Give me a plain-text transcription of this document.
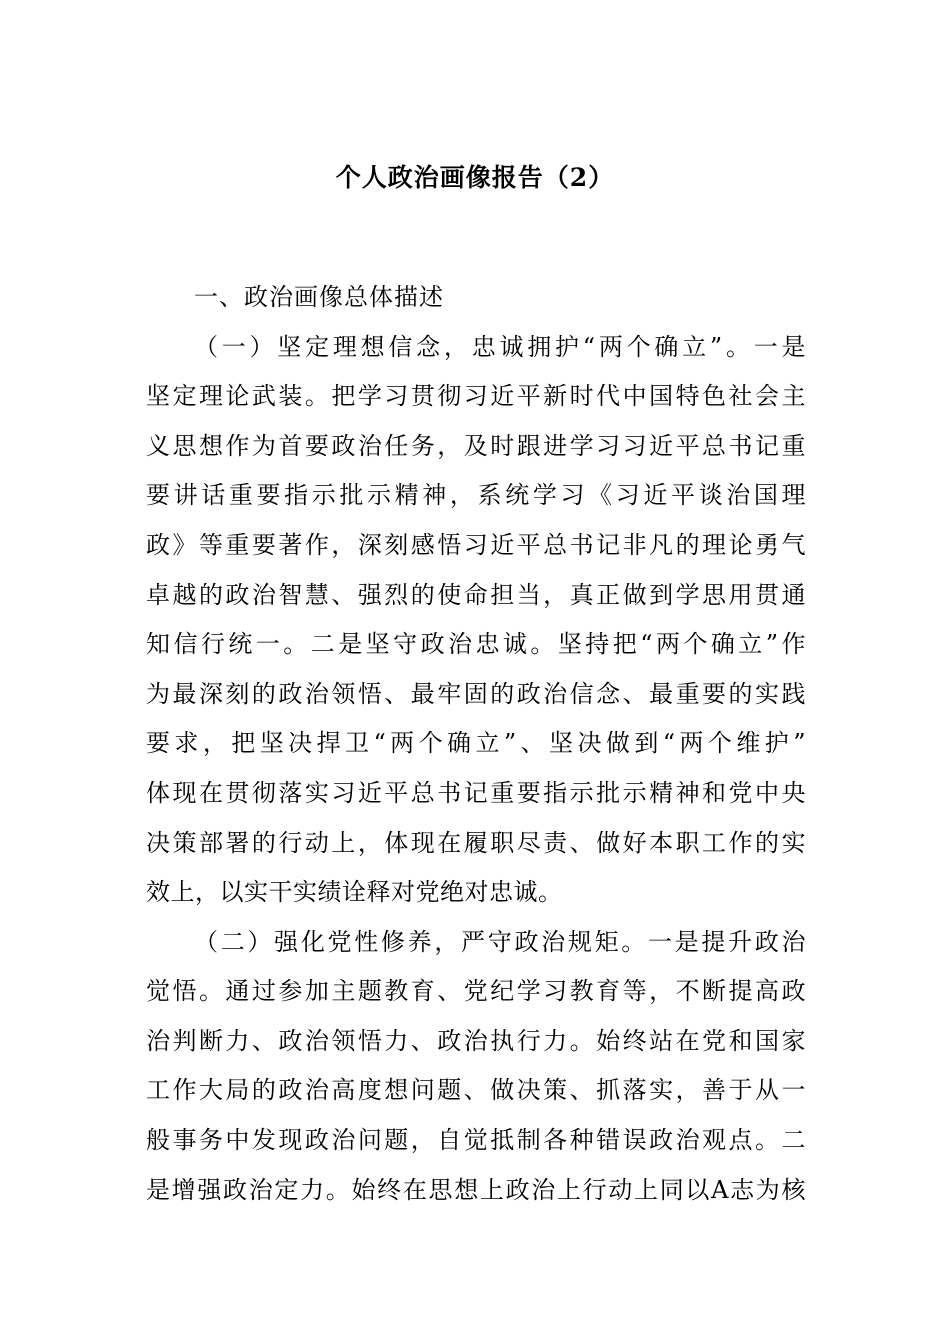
个人政治画像报告（2）
一、政治画像总体描述
（一）坚定理想信念，忠诚拥护“两个确立”。一是
坚定理论武装。把学习贯彻习近平新时代中国特色社会主
义思想作为首要政治任务，及时跟进学习习近平总书记重
要讲话重要指示批示精神，系统学习《习近平谈治国理
政》等重要著作，深刻感悟习近平总书记非凡的理论勇气
卓越的政治智慧、强烈的使命担当，真正做到学思用贯通
知信行统一。二是坚守政治忠诚。坚持把“两个确立”作
为最深刻的政治领悟、最牢固的政治信念、最重要的实践
要求，把坚决捍卫“两个确立”、坚决做到“两个维护”
体现在贯彻落实习近平总书记重要指示批示精神和党中央
决策部署的行动上，体现在履职尽责、做好本职工作的实
效上，以实干实绩诠释对党绝对忠诚。
（二）强化党性修养，严守政治规矩。一是提升政治
觉悟。通过参加主题教育、党纪学习教育等，不断提高政
治判断力、政治领悟力、政治执行力。始终站在党和国家
工作大局的政治高度想问题、做决策、抓落实，善于从一
般事务中发现政治问题，自觉抵制各种错误政治观点。二
是增强政治定力。始终在思想上政治上行动上同以A志为核
